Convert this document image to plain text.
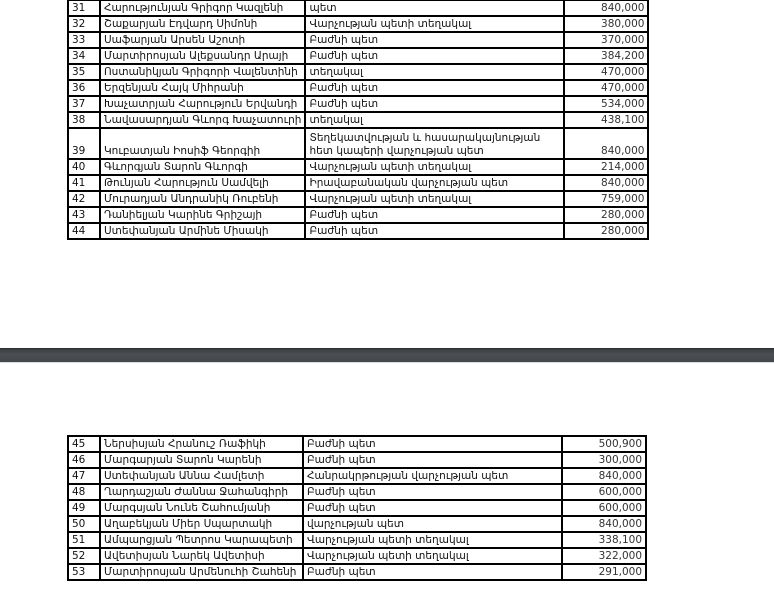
31	Հարությունյան Գրիգոր Կազլենի	պետ	840,000
32	Շաքարյան Էդվարդ Սիմոնի	Վարչության պետի տեղակալ	380,000
33	Սաֆարյան Արսեն Աշոտի	Բաժնի պետ	370,000
34	Մարտիրոսյան Ալեքսանդր Արայի	Բաժնի պետ	384,200
35	Ոստանիկյան Գրիգորի Վալենտինի	տեղակալ	470,000
36	Երզենյան Հայկ Միհրանի	Բաժնի պետ	470,000
37	Խաչատրյան Հարություն Երվանդի	Բաժնի պետ	534,000
38	Նավասարդյան Գևորգ Խաչատուրի	տեղակալ	438,100
39	Կուբատյան Իոսիֆ Գեորգիի	Տեղեկատվության և հասարակայնության հետ կապերի վարչության պետ	840,000
40	Գևորգյան Տարոն Գևորգի	Վարչության պետի տեղակալ	214,000
41	Թունյան Հարություն Սամվելի	Իրավաբանական վարչության պետ	840,000
42	Մուրադյան Անդրանիկ Ռուբենի	Վարչության պետի տեղակալ	759,000
43	Դանիելյան Կարինե Գրիշայի	Բաժնի պետ	280,000
44	Ստեփանյան Արմինե Միսակի	Բաժնի պետ	280,000
45	Ներսիսյան Հրանուշ Ռաֆիկի	Բաժնի պետ	500,900
46	Մարգարյան Տարոն Կարենի	Բաժնի պետ	300,000
47	Ստեփանյան Աննա Համլետի	Հանրակրթության վարչության պետ	840,000
48	Ղարդաշյան Ժաննա Ջահանգիրի	Բաժնի պետ	600,000
49	Մարգսյան Նունե Շահումյանի	Բաժնի պետ	600,000
50	Աղաբեկյան Միեր Սպարտակի	վարչության պետ	840,000
51	Ամպարցյան Պետրոս Կարապետի	Վարչության պետի տեղակալ	338,100
52	Ավետիսյան Նարեկ Ավետիսի	Վարչության պետի տեղակալ	322,000
53	Մարտիրոսյան Արմենուհի Շահենի	Բաժնի պետ	291,000
